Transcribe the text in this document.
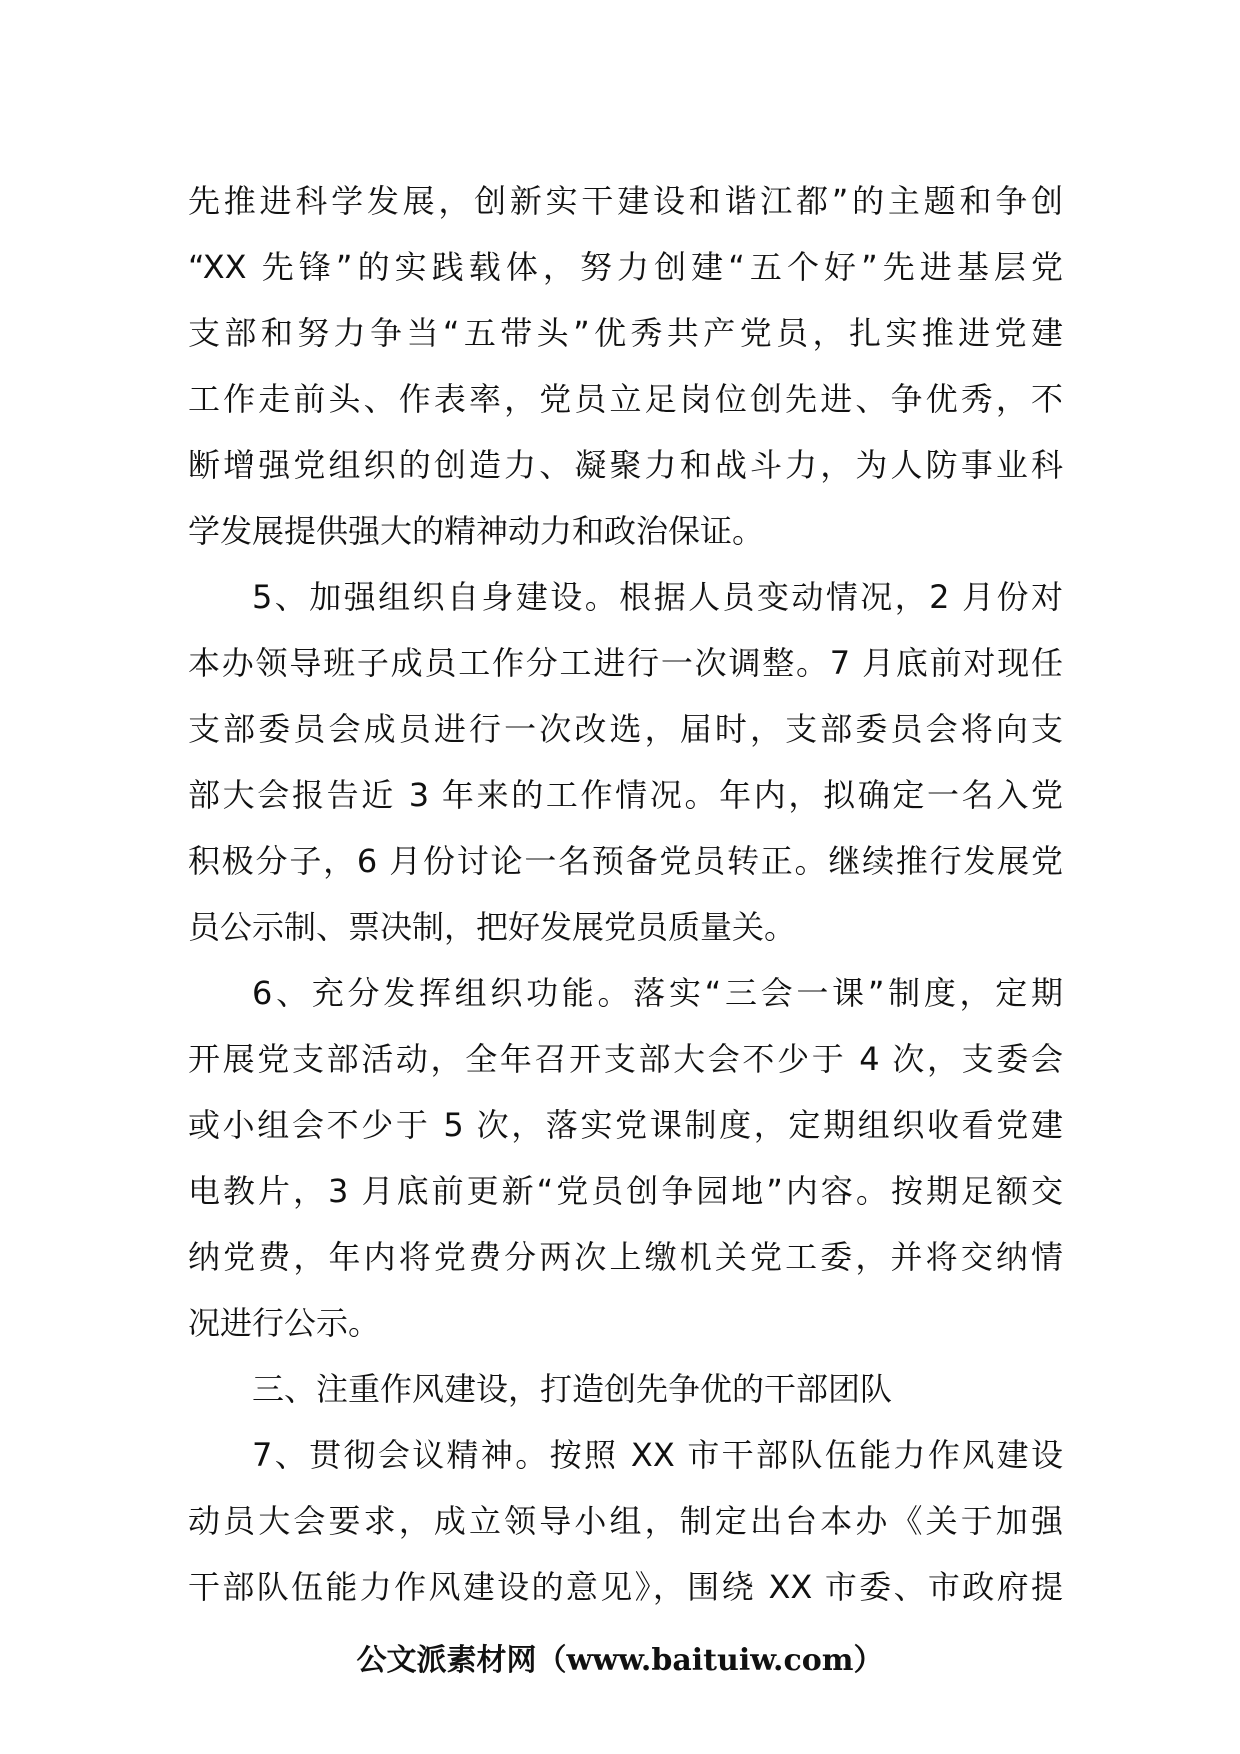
先推进科学发展，创新实干建设和谐江都”的主题和争创
“XX 先锋”的实践载体，努力创建“五个好”先进基层党
支部和努力争当“五带头”优秀共产党员，扎实推进党建
工作走前头、作表率，党员立足岗位创先进、争优秀，不
断增强党组织的创造力、凝聚力和战斗力，为人防事业科
学发展提供强大的精神动力和政治保证。
5、加强组织自身建设。根据人员变动情况，2 月份对
本办领导班子成员工作分工进行一次调整。7 月底前对现任
支部委员会成员进行一次改选，届时，支部委员会将向支
部大会报告近 3 年来的工作情况。年内，拟确定一名入党
积极分子，6 月份讨论一名预备党员转正。继续推行发展党
员公示制、票决制，把好发展党员质量关。
6、充分发挥组织功能。落实“三会一课”制度，定期
开展党支部活动，全年召开支部大会不少于 4 次，支委会
或小组会不少于 5 次，落实党课制度，定期组织收看党建
电教片，3 月底前更新“党员创争园地”内容。按期足额交
纳党费，年内将党费分两次上缴机关党工委，并将交纳情
况进行公示。
三、注重作风建设，打造创先争优的干部团队
7、贯彻会议精神。按照 XX 市干部队伍能力作风建设
动员大会要求，成立领导小组，制定出台本办《关于加强
干部队伍能力作风建设的意见》，围绕 XX 市委、市政府提
公文派素材网（www.baituiw.com）
